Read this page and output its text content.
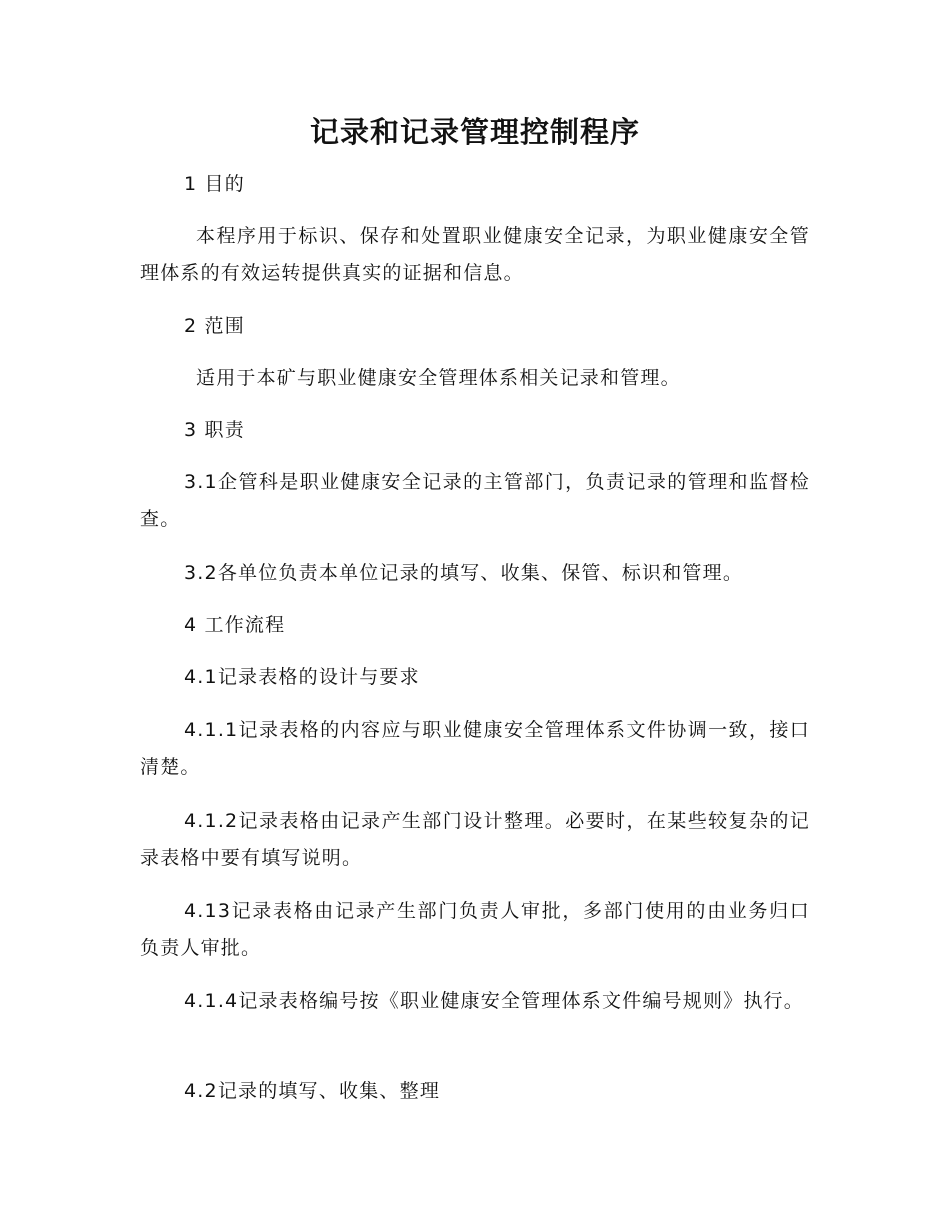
记录和记录管理控制程序

1 目的

本程序用于标识、保存和处置职业健康安全记录，为职业健康安全管理体系的有效运转提供真实的证据和信息。

2 范围

适用于本矿与职业健康安全管理体系相关记录和管理。

3 职责

3.1企管科是职业健康安全记录的主管部门，负责记录的管理和监督检查。

3.2各单位负责本单位记录的填写、收集、保管、标识和管理。

4 工作流程

4.1记录表格的设计与要求

4.1.1记录表格的内容应与职业健康安全管理体系文件协调一致，接口清楚。

4.1.2记录表格由记录产生部门设计整理。必要时，在某些较复杂的记录表格中要有填写说明。

4.13记录表格由记录产生部门负责人审批，多部门使用的由业务归口负责人审批。

4.1.4记录表格编号按《职业健康安全管理体系文件编号规则》执行。

4.2记录的填写、收集、整理
